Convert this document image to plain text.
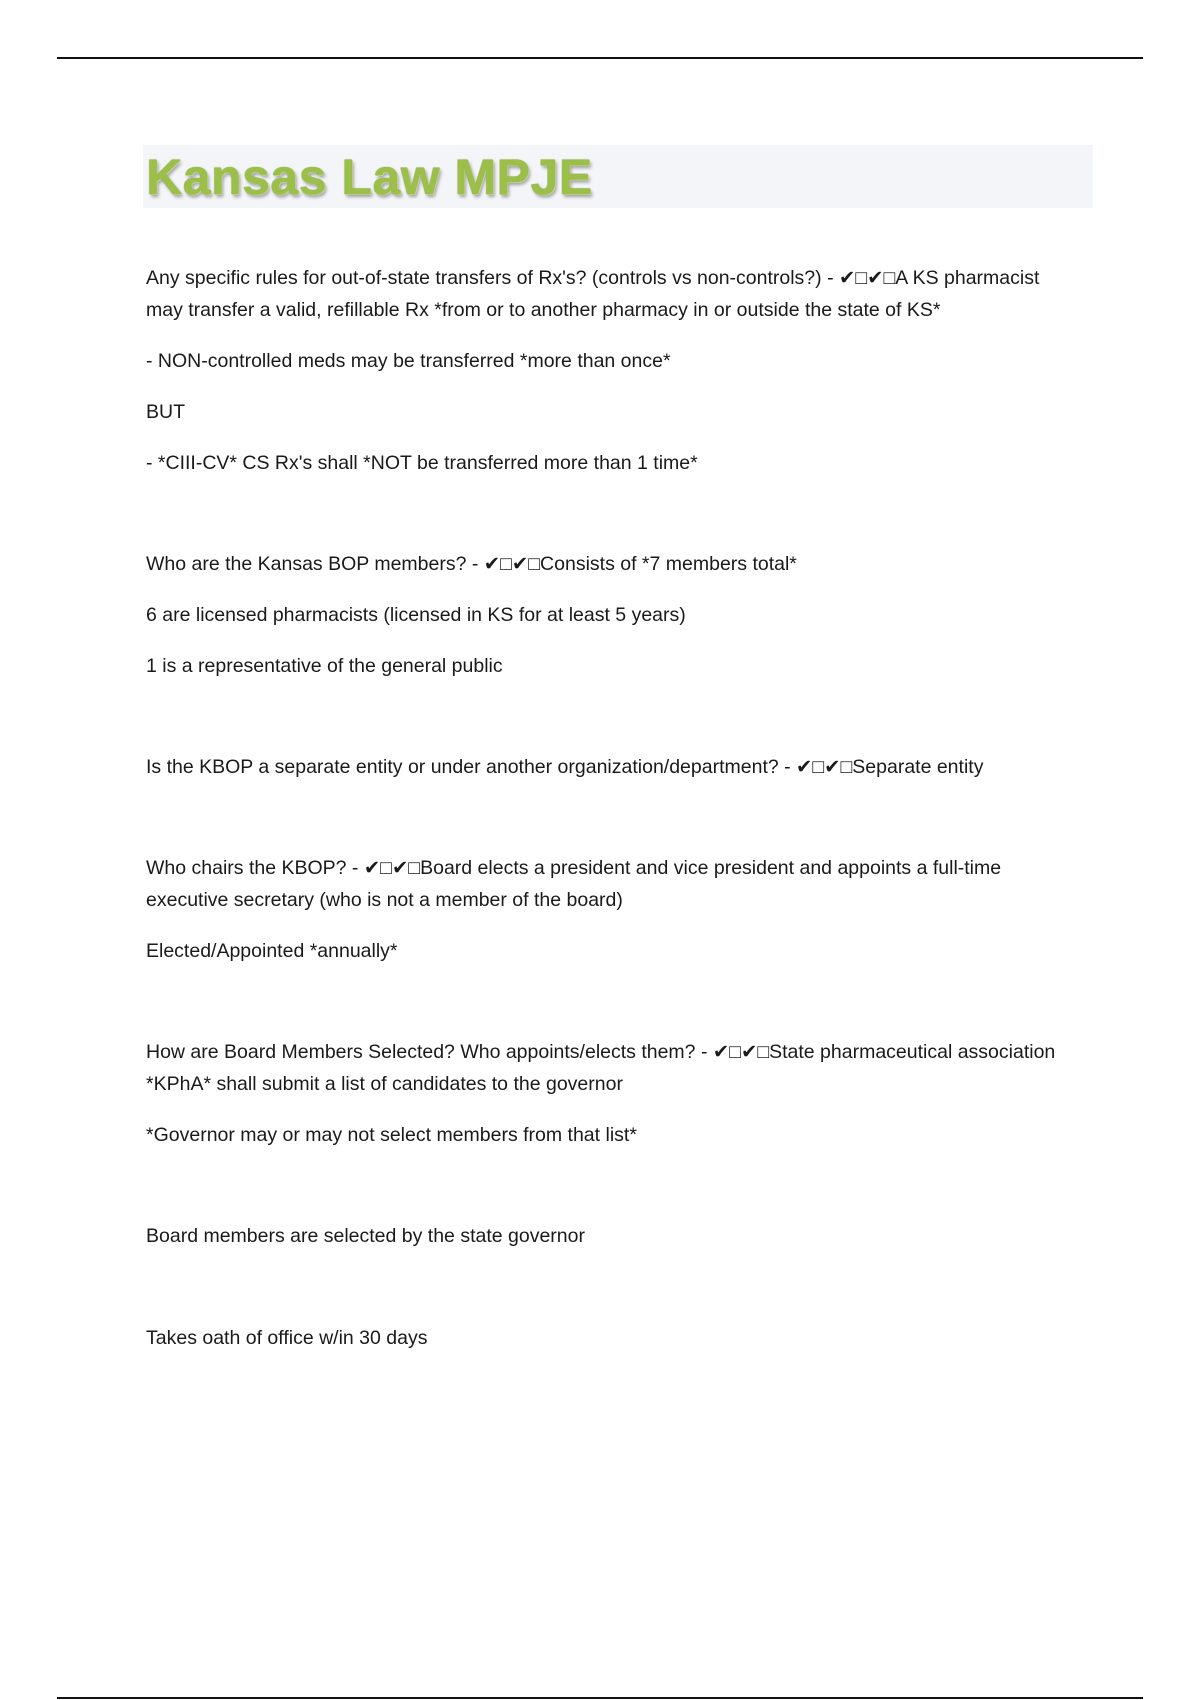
Kansas Law MPJE

Any specific rules for out-of-state transfers of Rx's? (controls vs non-controls?) - ✔□✔□A KS pharmacist may transfer a valid, refillable Rx *from or to another pharmacy in or outside the state of KS*

- NON-controlled meds may be transferred *more than once*

BUT

- *CIII-CV* CS Rx's shall *NOT be transferred more than 1 time*

Who are the Kansas BOP members? - ✔□✔□Consists of *7 members total*

6 are licensed pharmacists (licensed in KS for at least 5 years)

1 is a representative of the general public

Is the KBOP a separate entity or under another organization/department? - ✔□✔□Separate entity

Who chairs the KBOP? - ✔□✔□Board elects a president and vice president and appoints a full-time executive secretary (who is not a member of the board)

Elected/Appointed *annually*

How are Board Members Selected? Who appoints/elects them? - ✔□✔□State pharmaceutical association *KPhA* shall submit a list of candidates to the governor

*Governor may or may not select members from that list*

Board members are selected by the state governor

Takes oath of office w/in 30 days
